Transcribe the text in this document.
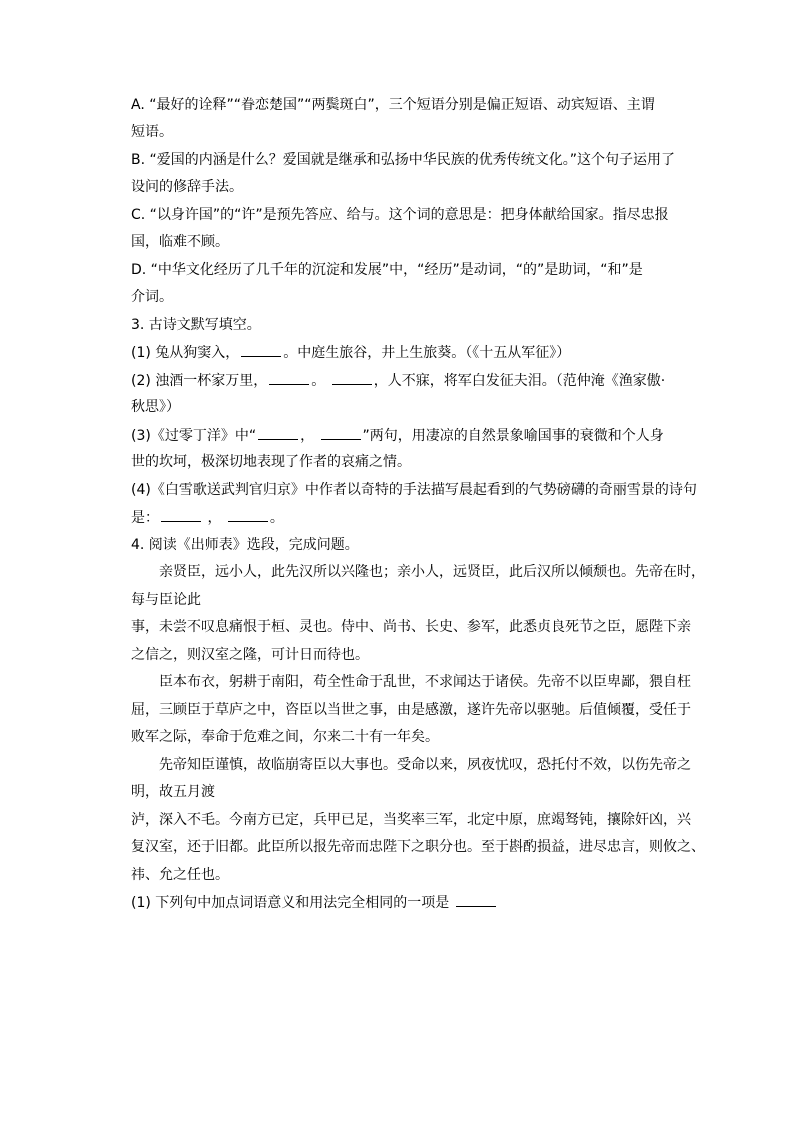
A. “最好的诠释”“眷恋楚国”“两鬓斑白”，三个短语分别是偏正短语、动宾短语、主谓
短语。
B. “爱国的内涵是什么？爱国就是继承和弘扬中华民族的优秀传统文化。”这个句子运用了
设问的修辞手法。
C. “以身许国”的“许”是预先答应、给与。这个词的意思是：把身体献给国家。指尽忠报
国，临难不顾。
D. “中华文化经历了几千年的沉淀和发展”中，“经历”是动词，“的”是助词，“和”是
介词。
3. 古诗文默写填空。
(1) 兔从狗窦入，	。中庭生旅谷，井上生旅葵。（《十五从军征》）
(2) 浊酒一杯家万里，	。	，人不寐，将军白发征夫泪。（范仲淹《渔家傲·
秋思》）
(3)《过零丁洋》中“	，	”两句，用凄凉的自然景象喻国事的衰微和个人身
世的坎坷，极深切地表现了作者的哀痛之情。
(4)《白雪歌送武判官归京》中作者以奇特的手法描写晨起看到的气势磅礴的奇丽雪景的诗句
是：	，	。
4. 阅读《出师表》选段，完成问题。
亲贤臣，远小人，此先汉所以兴隆也；亲小人，远贤臣，此后汉所以倾颓也。先帝在时，
每与臣论此
事，未尝不叹息痛恨于桓、灵也。侍中、尚书、长史、参军，此悉贞良死节之臣，愿陛下亲
之信之，则汉室之隆，可计日而待也。
臣本布衣，躬耕于南阳，苟全性命于乱世，不求闻达于诸侯。先帝不以臣卑鄙，猥自枉
屈，三顾臣于草庐之中，咨臣以当世之事，由是感激，遂许先帝以驱驰。后值倾覆，受任于
败军之际，奉命于危难之间，尔来二十有一年矣。
先帝知臣谨慎，故临崩寄臣以大事也。受命以来，夙夜忧叹，恐托付不效，以伤先帝之
明，故五月渡
泸，深入不毛。今南方已定，兵甲已足，当奖率三军，北定中原，庶竭驽钝，攘除奸凶，兴
复汉室，还于旧都。此臣所以报先帝而忠陛下之职分也。至于斟酌损益，进尽忠言，则攸之、
祎、允之任也。
(1) 下列句中加点词语意义和用法完全相同的一项是
